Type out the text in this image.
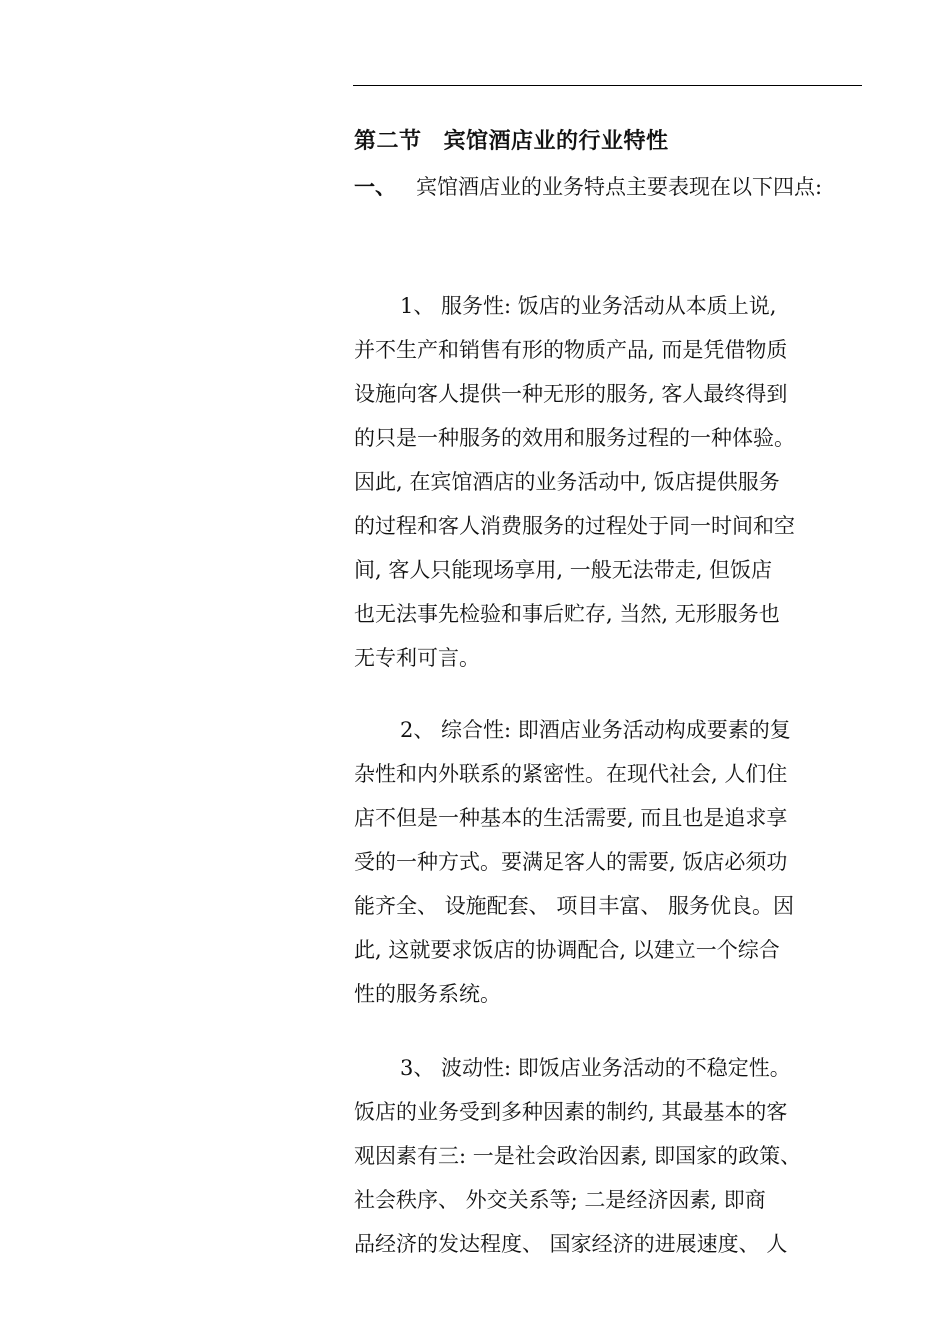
第二节 宾馆酒店业的行业特性
一、 宾馆酒店业的业务特点主要表现在以下四点:
1、 服务性: 饭店的业务活动从本质上说,
并不生产和销售有形的物质产品, 而是凭借物质
设施向客人提供一种无形的服务, 客人最终得到
的只是一种服务的效用和服务过程的一种体验。
因此, 在宾馆酒店的业务活动中, 饭店提供服务
的过程和客人消费服务的过程处于同一时间和空
间, 客人只能现场享用, 一般无法带走, 但饭店
也无法事先检验和事后贮存, 当然, 无形服务也
无专利可言。
2、 综合性: 即酒店业务活动构成要素的复
杂性和内外联系的紧密性。在现代社会, 人们住
店不但是一种基本的生活需要, 而且也是追求享
受的一种方式。要满足客人的需要, 饭店必须功
能齐全、 设施配套、 项目丰富、 服务优良。因
此, 这就要求饭店的协调配合, 以建立一个综合
性的服务系统。
3、 波动性: 即饭店业务活动的不稳定性。
饭店的业务受到多种因素的制约, 其最基本的客
观因素有三: 一是社会政治因素, 即国家的政策、
社会秩序、 外交关系等; 二是经济因素, 即商
品经济的发达程度、 国家经济的进展速度、 人
